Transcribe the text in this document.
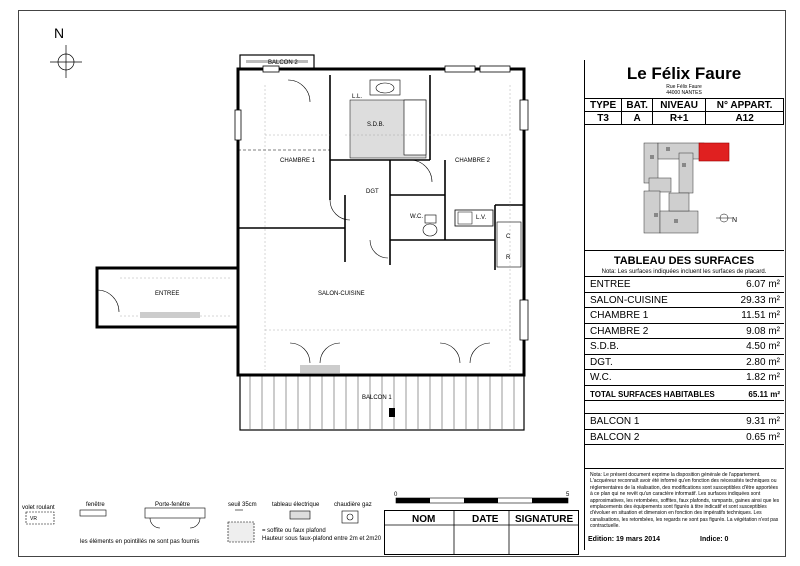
N
BALCON 2
L.L.
S.D.B.
CHAMBRE 1	CHAMBRE 2
DGT
W.C.	L.V.
C
R
ENTREE	SALON-CUISINE
BALCON 1
0	5
volet roulant
VR
fenêtre	Porte-fenêtre	seuil 35cm	tableau électrique chaudière gaz
= soffite ou faux plafond
Hauteur sous faux-plafond entre 2m et 2m20
les éléments en pointillés ne sont pas fournis
NOM	DATE SIGNATURE
Le Félix Faure
Rue Félix Faure
44000 NANTES
TYPE	BAT.	NIVEAU	N° APPART.
T3	A	R+1	A12
N
TABLEAU DES SURFACES
Nota: Les surfaces indiquées incluent les surfaces de placard.
ENTREE	6.07 m²
SALON-CUISINE	29.33 m²
CHAMBRE 1	11.51 m²
CHAMBRE 2	9.08 m²
S.D.B.	4.50 m²
DGT.	2.80 m²
W.C.	1.82 m²
TOTAL SURFACES HABITABLES	65.11 m²
BALCON 1	9.31 m²
BALCON 2	0.65 m²

Nota: Le présent document exprime la disposition générale de l'appartement. L'acquéreur reconnaît avoir été informé qu'en fonction des nécessités techniques ou réglementaires de la réalisation, des modifications sont susceptibles d'être apportées à ce plan qui ne revêt qu'un caractère informatif. Les surfaces indiquées sont approximatives, les retombées, soffites, faux plafonds, rampants, gaines ainsi que les emplacements des équipements sont figurés à titre indicatif et sont susceptibles d'évoluer en situation et dimension en fonction des impératifs techniques. Les canalisations, les retombées, les regards ne sont pas figurés. La végétation n'est pas contractuelle.

Edition: 19 mars 2014	Indice: 0
